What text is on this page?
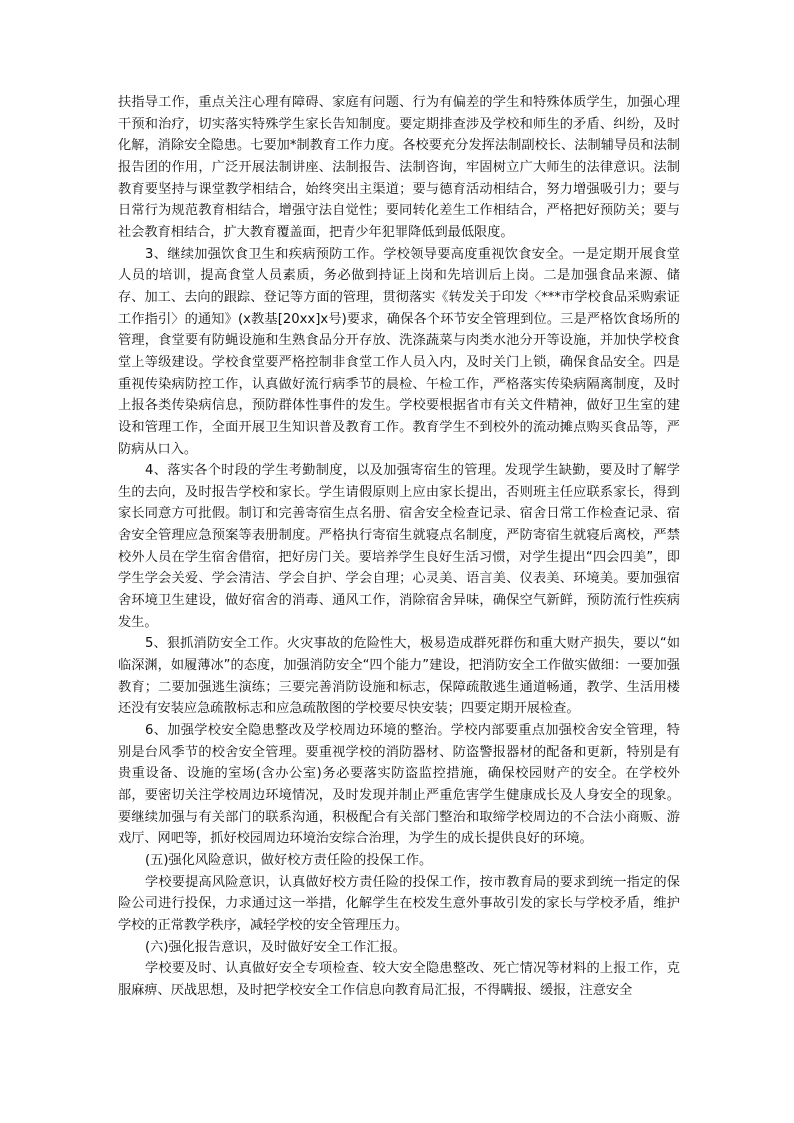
扶指导工作，重点关注心理有障碍、家庭有问题、行为有偏差的学生和特殊体质学生，加强心理干预和治疗，切实落实特殊学生家长告知制度。要定期排查涉及学校和师生的矛盾、纠纷，及时化解，消除安全隐患。七要加*制教育工作力度。各校要充分发挥法制副校长、法制辅导员和法制报告团的作用，广泛开展法制讲座、法制报告、法制咨询，牢固树立广大师生的法律意识。法制教育要坚持与课堂教学相结合，始终突出主渠道；要与德育活动相结合，努力增强吸引力；要与日常行为规范教育相结合，增强守法自觉性；要同转化差生工作相结合，严格把好预防关；要与社会教育相结合，扩大教育覆盖面，把青少年犯罪降低到最低限度。

3、继续加强饮食卫生和疾病预防工作。学校领导要高度重视饮食安全。一是定期开展食堂人员的培训，提高食堂人员素质，务必做到持证上岗和先培训后上岗。二是加强食品来源、储存、加工、去向的跟踪、登记等方面的管理，贯彻落实《转发关于印发〈***市学校食品采购索证工作指引〉的通知》(x教基[20xx]x号)要求，确保各个环节安全管理到位。三是严格饮食场所的管理，食堂要有防蝇设施和生熟食品分开存放、洗涤蔬菜与肉类水池分开等设施，并加快学校食堂上等级建设。学校食堂要严格控制非食堂工作人员入内，及时关门上锁，确保食品安全。四是重视传染病防控工作，认真做好流行病季节的晨检、午检工作，严格落实传染病隔离制度，及时上报各类传染病信息，预防群体性事件的发生。学校要根据省市有关文件精神，做好卫生室的建设和管理工作，全面开展卫生知识普及教育工作。教育学生不到校外的流动摊点购买食品等，严防病从口入。

4、落实各个时段的学生考勤制度，以及加强寄宿生的管理。发现学生缺勤，要及时了解学生的去向，及时报告学校和家长。学生请假原则上应由家长提出，否则班主任应联系家长，得到家长同意方可批假。制订和完善寄宿生点名册、宿舍安全检查记录、宿舍日常工作检查记录、宿舍安全管理应急预案等表册制度。严格执行寄宿生就寝点名制度，严防寄宿生就寝后离校，严禁校外人员在学生宿舍借宿，把好房门关。要培养学生良好生活习惯，对学生提出“四会四美”，即学生学会关爱、学会清洁、学会自护、学会自理；心灵美、语言美、仪表美、环境美。要加强宿舍环境卫生建设，做好宿舍的消毒、通风工作，消除宿舍异味，确保空气新鲜，预防流行性疾病发生。

5、狠抓消防安全工作。火灾事故的危险性大，极易造成群死群伤和重大财产损失，要以“如临深渊，如履薄冰”的态度，加强消防安全“四个能力”建设，把消防安全工作做实做细：一要加强教育；二要加强逃生演练；三要完善消防设施和标志，保障疏散逃生通道畅通，教学、生活用楼还没有安装应急疏散标志和应急疏散图的学校要尽快安装；四要定期开展检查。

6、加强学校安全隐患整改及学校周边环境的整治。学校内部要重点加强校舍安全管理，特别是台风季节的校舍安全管理。要重视学校的消防器材、防盗警报器材的配备和更新，特别是有贵重设备、设施的室场(含办公室)务必要落实防盗监控措施，确保校园财产的安全。在学校外部，要密切关注学校周边环境情况，及时发现并制止严重危害学生健康成长及人身安全的现象。要继续加强与有关部门的联系沟通，积极配合有关部门整治和取缔学校周边的不合法小商贩、游戏厅、网吧等，抓好校园周边环境治安综合治理，为学生的成长提供良好的环境。

(五)强化风险意识，做好校方责任险的投保工作。

学校要提高风险意识，认真做好校方责任险的投保工作，按市教育局的要求到统一指定的保险公司进行投保，力求通过这一举措，化解学生在校发生意外事故引发的家长与学校矛盾，维护学校的正常教学秩序，减轻学校的安全管理压力。

(六)强化报告意识，及时做好安全工作汇报。

学校要及时、认真做好安全专项检查、较大安全隐患整改、死亡情况等材料的上报工作，克服麻痹、厌战思想，及时把学校安全工作信息向教育局汇报，不得瞒报、缓报，注意安全
